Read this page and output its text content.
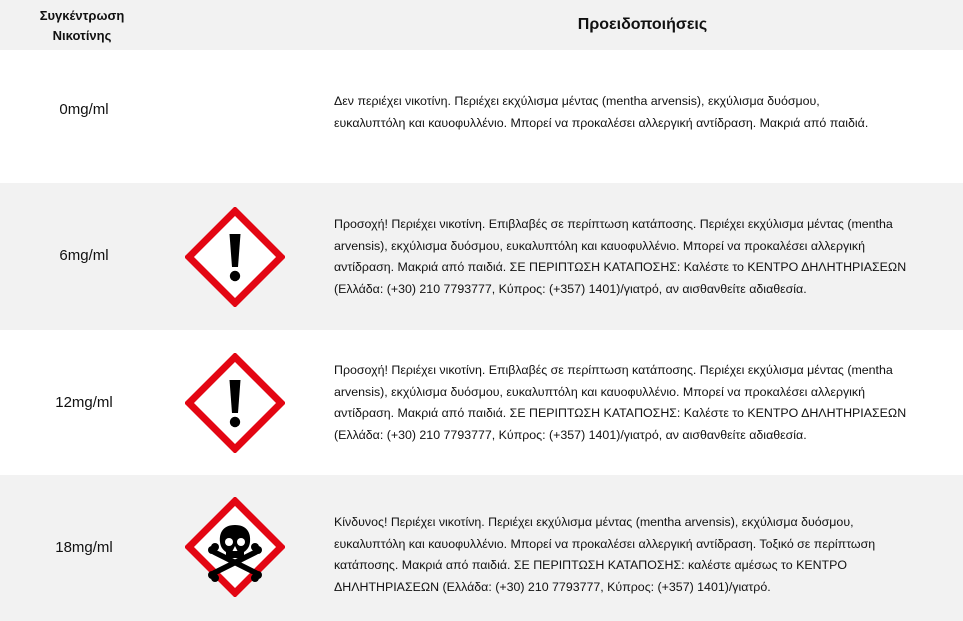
0mg/ml	Δεν περιέχει νικοτίνη. Περιέχει εκχύλισμα μέντας (mentha arvensis), εκχύλισμα δυόσμου,
ευκαλυπτόλη και καυοφυλλένιο. Μπορεί να προκαλέσει αλλεργική αντίδραση. Μακριά από παιδιά.
6mg/ml
Προσοχή! Περιέχει νικοτίνη. Επιβλαβές σε περίπτωση κατάποσης. Περιέχει εκχύλισμα μέντας (mentha
arvensis), εκχύλισμα δυόσμου, ευκαλυπτόλη και καυοφυλλένιο. Μπορεί να προκαλέσει αλλεργική
αντίδραση. Μακριά από παιδιά. ΣΕ ΠΕΡΙΠΤΩΣΗ ΚΑΤΑΠΟΣΗΣ: Καλέστε το ΚΕΝΤΡΟ ΔΗΛΗΤΗΡΙΑΣΕΩΝ
(Ελλάδα: (+30) 210 7793777, Κύπρος: (+357) 1401)/γιατρό, αν αισθανθείτε αδιαθεσία.
12mg/ml
Προσοχή! Περιέχει νικοτίνη. Επιβλαβές σε περίπτωση κατάποσης. Περιέχει εκχύλισμα μέντας (mentha
arvensis), εκχύλισμα δυόσμου, ευκαλυπτόλη και καυοφυλλένιο. Μπορεί να προκαλέσει αλλεργική
αντίδραση. Μακριά από παιδιά. ΣΕ ΠΕΡΙΠΤΩΣΗ ΚΑΤΑΠΟΣΗΣ: Καλέστε το ΚΕΝΤΡΟ ΔΗΛΗΤΗΡΙΑΣΕΩΝ
(Ελλάδα: (+30) 210 7793777, Κύπρος: (+357) 1401)/γιατρό, αν αισθανθείτε αδιαθεσία.
18mg/ml
Κίνδυνος! Περιέχει νικοτίνη. Περιέχει εκχύλισμα μέντας (mentha arvensis), εκχύλισμα δυόσμου,
ευκαλυπτόλη και καυοφυλλένιο. Μπορεί να προκαλέσει αλλεργική αντίδραση. Τοξικό σε περίπτωση
κατάποσης. Μακριά από παιδιά. ΣΕ ΠΕΡΙΠΤΩΣΗ ΚΑΤΑΠΟΣΗΣ: καλέστε αμέσως το ΚΕΝΤΡΟ
ΔΗΛΗΤΗΡΙΑΣΕΩΝ (Ελλάδα: (+30) 210 7793777, Κύπρος: (+357) 1401)/γιατρό.
Συγκέντρωση
Νικοτίνης
Προειδοποιήσεις
